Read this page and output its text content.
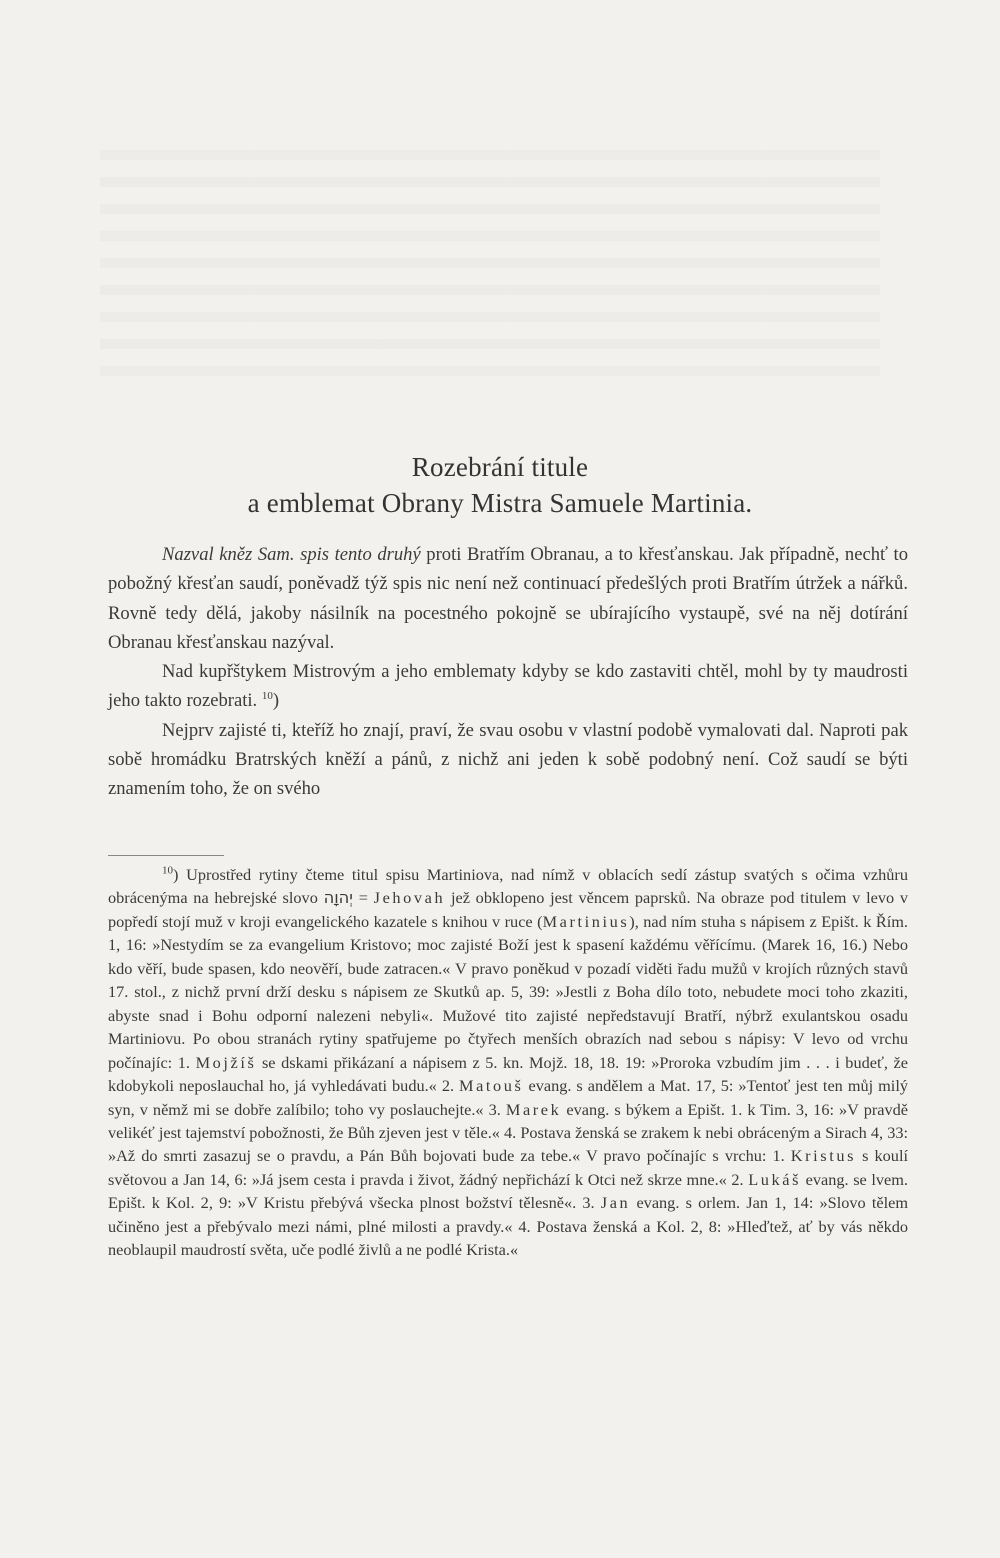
Rozebrání titule
a emblemat Obrany Mistra Samuele Martinia.

Nazval kněz Sam. spis tento druhý proti Bratřím Obranau, a to křesťanskau. Jak případně, nechť to pobožný křesťan saudí, poněvadž týž spis nic není než continuací předešlých proti Bratřím útržek a nářků. Rovně tedy dělá, jakoby násilník na pocestného pokojně se ubírajícího vystaupě, své na něj dotírání Obranau křesťanskau nazýval.

Nad kupřštykem Mistrovým a jeho emblematy kdyby se kdo zastaviti chtěl, mohl by ty maudrosti jeho takto rozebrati. $^{10}$)

Nejprv zajisté ti, kteříž ho znají, praví, že svau osobu v vlastní podobě vymalovati dal. Naproti pak sobě hromádku Bratrských kněží a pánů, z nichž ani jeden k sobě podobný není. Což saudí se býti znamením toho, že on svého

$^{10}$) Uprostřed rytiny čteme titul spisu Martiniova, nad nímž v oblacích sedí zástup svatých s očima vzhůru obrácenýma na hebrejské slovo יְהוָה = Jehovah jež obklopeno jest věncem paprsků. Na obraze pod titulem v levo v popředí stojí muž v kroji evangelického kazatele s knihou v ruce (Martinius), nad ním stuha s nápisem z Epišt. k Řím. 1, 16: »Nestydím se za evangelium Kristovo; moc zajisté Boží jest k spasení každému věřícímu. (Marek 16, 16.) Nebo kdo věří, bude spasen, kdo neověří, bude zatracen.« V pravo poněkud v pozadí viděti řadu mužů v krojích různých stavů 17. stol., z nichž první drží desku s nápisem ze Skutků ap. 5, 39: »Jestli z Boha dílo toto, nebudete moci toho zkaziti, abyste snad i Bohu odporní nalezeni nebyli«. Mužové tito zajisté nepředstavují Bratří, nýbrž exulantskou osadu Martiniovu. Po obou stranách rytiny spatřujeme po čtyřech menších obrazích nad sebou s nápisy: V levo od vrchu počínajíc: 1. Mojžíš se dskami přikázaní a nápisem z 5. kn. Mojž. 18, 18. 19: »Proroka vzbudím jim . . . i budeť, že kdobykoli neposlauchal ho, já vyhledávati budu.« 2. Matouš evang. s andělem a Mat. 17, 5: »Tentoť jest ten můj milý syn, v němž mi se dobře zalíbilo; toho vy poslauchejte.« 3. Marek evang. s býkem a Epišt. 1. k Tim. 3, 16: »V pravdě velikéť jest tajemství pobožnosti, že Bůh zjeven jest v těle.« 4. Postava ženská se zrakem k nebi obráceným a Sirach 4, 33: »Až do smrti zasazuj se o pravdu, a Pán Bůh bojovati bude za tebe.« V pravo počínajíc s vrchu: 1. Kristus s koulí světovou a Jan 14, 6: »Já jsem cesta i pravda i život, žádný nepřichází k Otci než skrze mne.« 2. Lukáš evang. se lvem. Epišt. k Kol. 2, 9: »V Kristu přebývá všecka plnost božství tělesně«. 3. Jan evang. s orlem. Jan 1, 14: »Slovo tělem učiněno jest a přebývalo mezi námi, plné milosti a pravdy.« 4. Postava ženská a Kol. 2, 8: »Hleďtež, ať by vás někdo neoblaupil maudrostí světa, uče podlé živlů a ne podlé Krista.«
